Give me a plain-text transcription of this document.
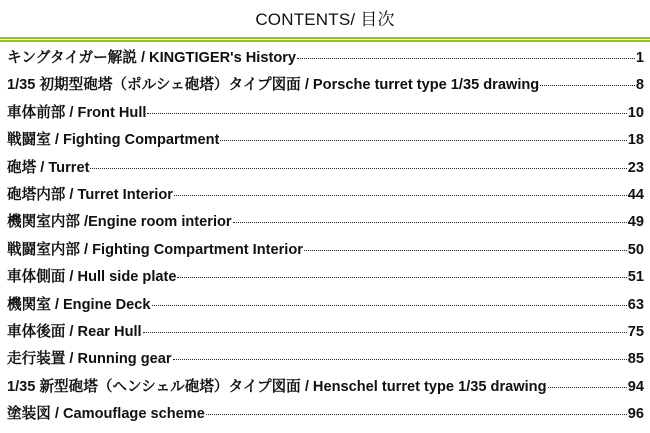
CONTENTS/ 目次
キングタイガー解説 / KINGTIGER's History	1
1/35 初期型砲塔（ポルシェ砲塔）タイプ図面 / Porsche turret type 1/35 drawing	8
車体前部 / Front Hull	10
戦闘室 / Fighting Compartment	18
砲塔 / Turret	23
砲塔内部 / Turret Interior	44
機関室内部 /Engine room interior	49
戦闘室内部 / Fighting Compartment Interior	50
車体側面 / Hull side plate	51
機関室 / Engine Deck	63
車体後面 / Rear Hull	75
走行装置 / Running gear	85
1/35 新型砲塔（ヘンシェル砲塔）タイプ図面 / Henschel turret type 1/35 drawing	94
塗装図 / Camouflage scheme	96
